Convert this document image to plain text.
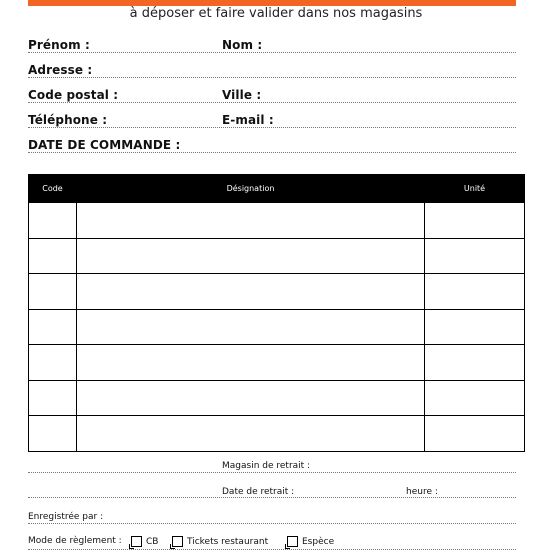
à déposer et faire valider dans nos magasins
Prénom :	Nom :
Adresse :
Code postal :	Ville :
Téléphone :	E-mail :
DATE DE COMMANDE :
Code	Désignation	Unité

Magasin de retrait :
Date de retrait :	heure :
Enregistrée par :
Mode de règlement :	CB	Tickets restaurant	Espèce
